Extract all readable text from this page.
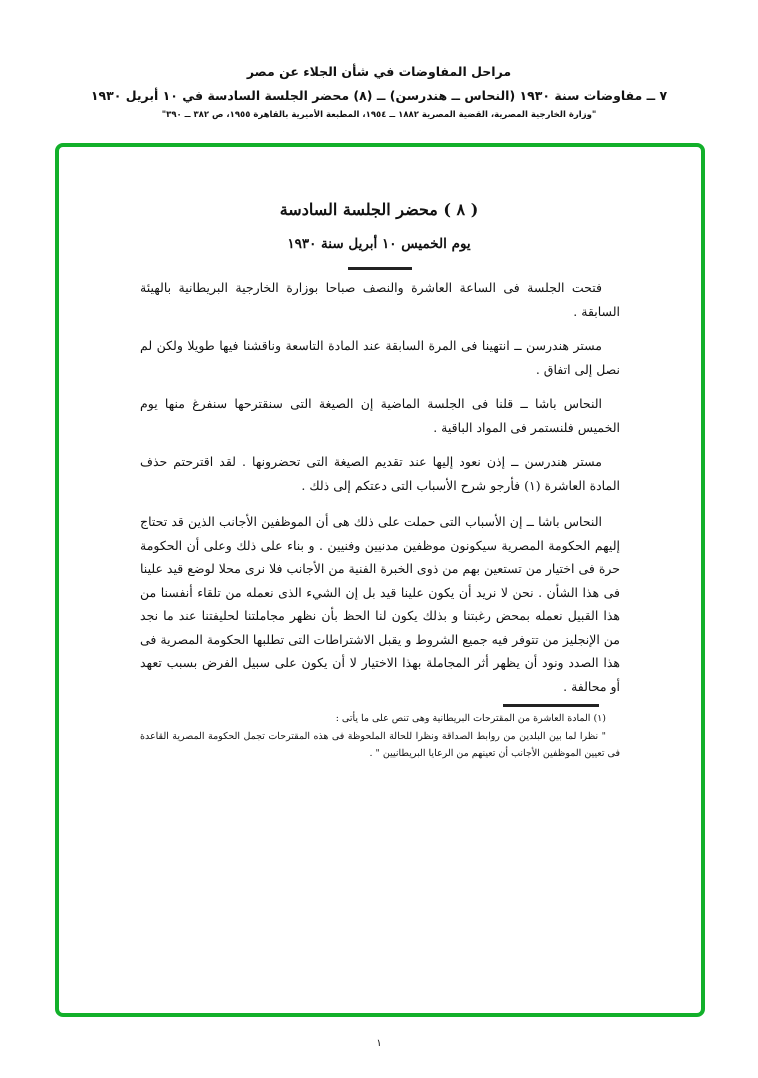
مراحل المفاوضات في شأن الجلاء عن مصر
٧ ــ مفاوضات سنة ١٩٣٠ (النحاس ــ هندرسن) ــ (٨) محضر الجلسة السادسة في ١٠ أبريل ١٩٣٠
"وزارة الخارجية المصرية، القضية المصرية ١٨٨٢ ــ ١٩٥٤، المطبعة الأميرية بالقاهرة ١٩٥٥، ص ٣٨٢ ــ ٣٩٠"
( ٨ ) محضر الجلسة السادسة
يوم الخميس ١٠ أبريل سنة ١٩٣٠
فتحت الجلسة فى الساعة العاشرة والنصف صباحا بوزارة الخارجية البريطانية بالهيئة السابقة .
مستر هندرسن ــ انتهينا فى المرة السابقة عند المادة التاسعة وناقشنا فيها طويلا ولكن لم نصل إلى اتفاق .
النحاس باشا ــ قلنا فى الجلسة الماضية إن الصيغة التى سنقترحها سنفرغ منها يوم الخميس فلنستمر فى المواد الباقية .
مستر هندرسن ــ إذن نعود إليها عند تقديم الصيغة التى تحضرونها . لقد اقترحتم حذف المادة العاشرة (١) فأرجو شرح الأسباب التى دعتكم إلى ذلك .
النحاس باشا ــ إن الأسباب التى حملت على ذلك هى أن الموظفين الأجانب الذين قد تحتاج إليهم الحكومة المصرية سيكونون موظفين مدنيين وفنيين . و بناء على ذلك وعلى أن الحكومة حرة فى اختيار من تستعين بهم من ذوى الخبرة الفنية من الأجانب فلا نرى محلا لوضع قيد علينا فى هذا الشأن . نحن لا نريد أن يكون علينا قيد بل إن الشيء الذى نعمله من تلقاء أنفسنا من هذا القبيل نعمله بمحض رغبتنا و بذلك يكون لنا الحظ بأن نظهر مجاملتنا لحليفتنا عند ما نجد من الإنجليز من تتوفر فيه جميع الشروط و يقبل الاشتراطات التى تطلبها الحكومة المصرية فى هذا الصدد ونود أن يظهر أثر المجاملة بهذا الاختيار لا أن يكون على سبيل الفرض بسبب تعهد أو محالفة .
(١) المادة العاشرة من المقترحات البريطانية وهى تنص على ما يأتى :
" نظرا لما بين البلدين من روابط الصداقة ونظرا للحالة الملحوظة فى هذه المقترحات تجمل الحكومة المصرية القاعدة فى تعيين الموظفين الأجانب أن تعينهم من الرعايا البريطانيين " .
١
